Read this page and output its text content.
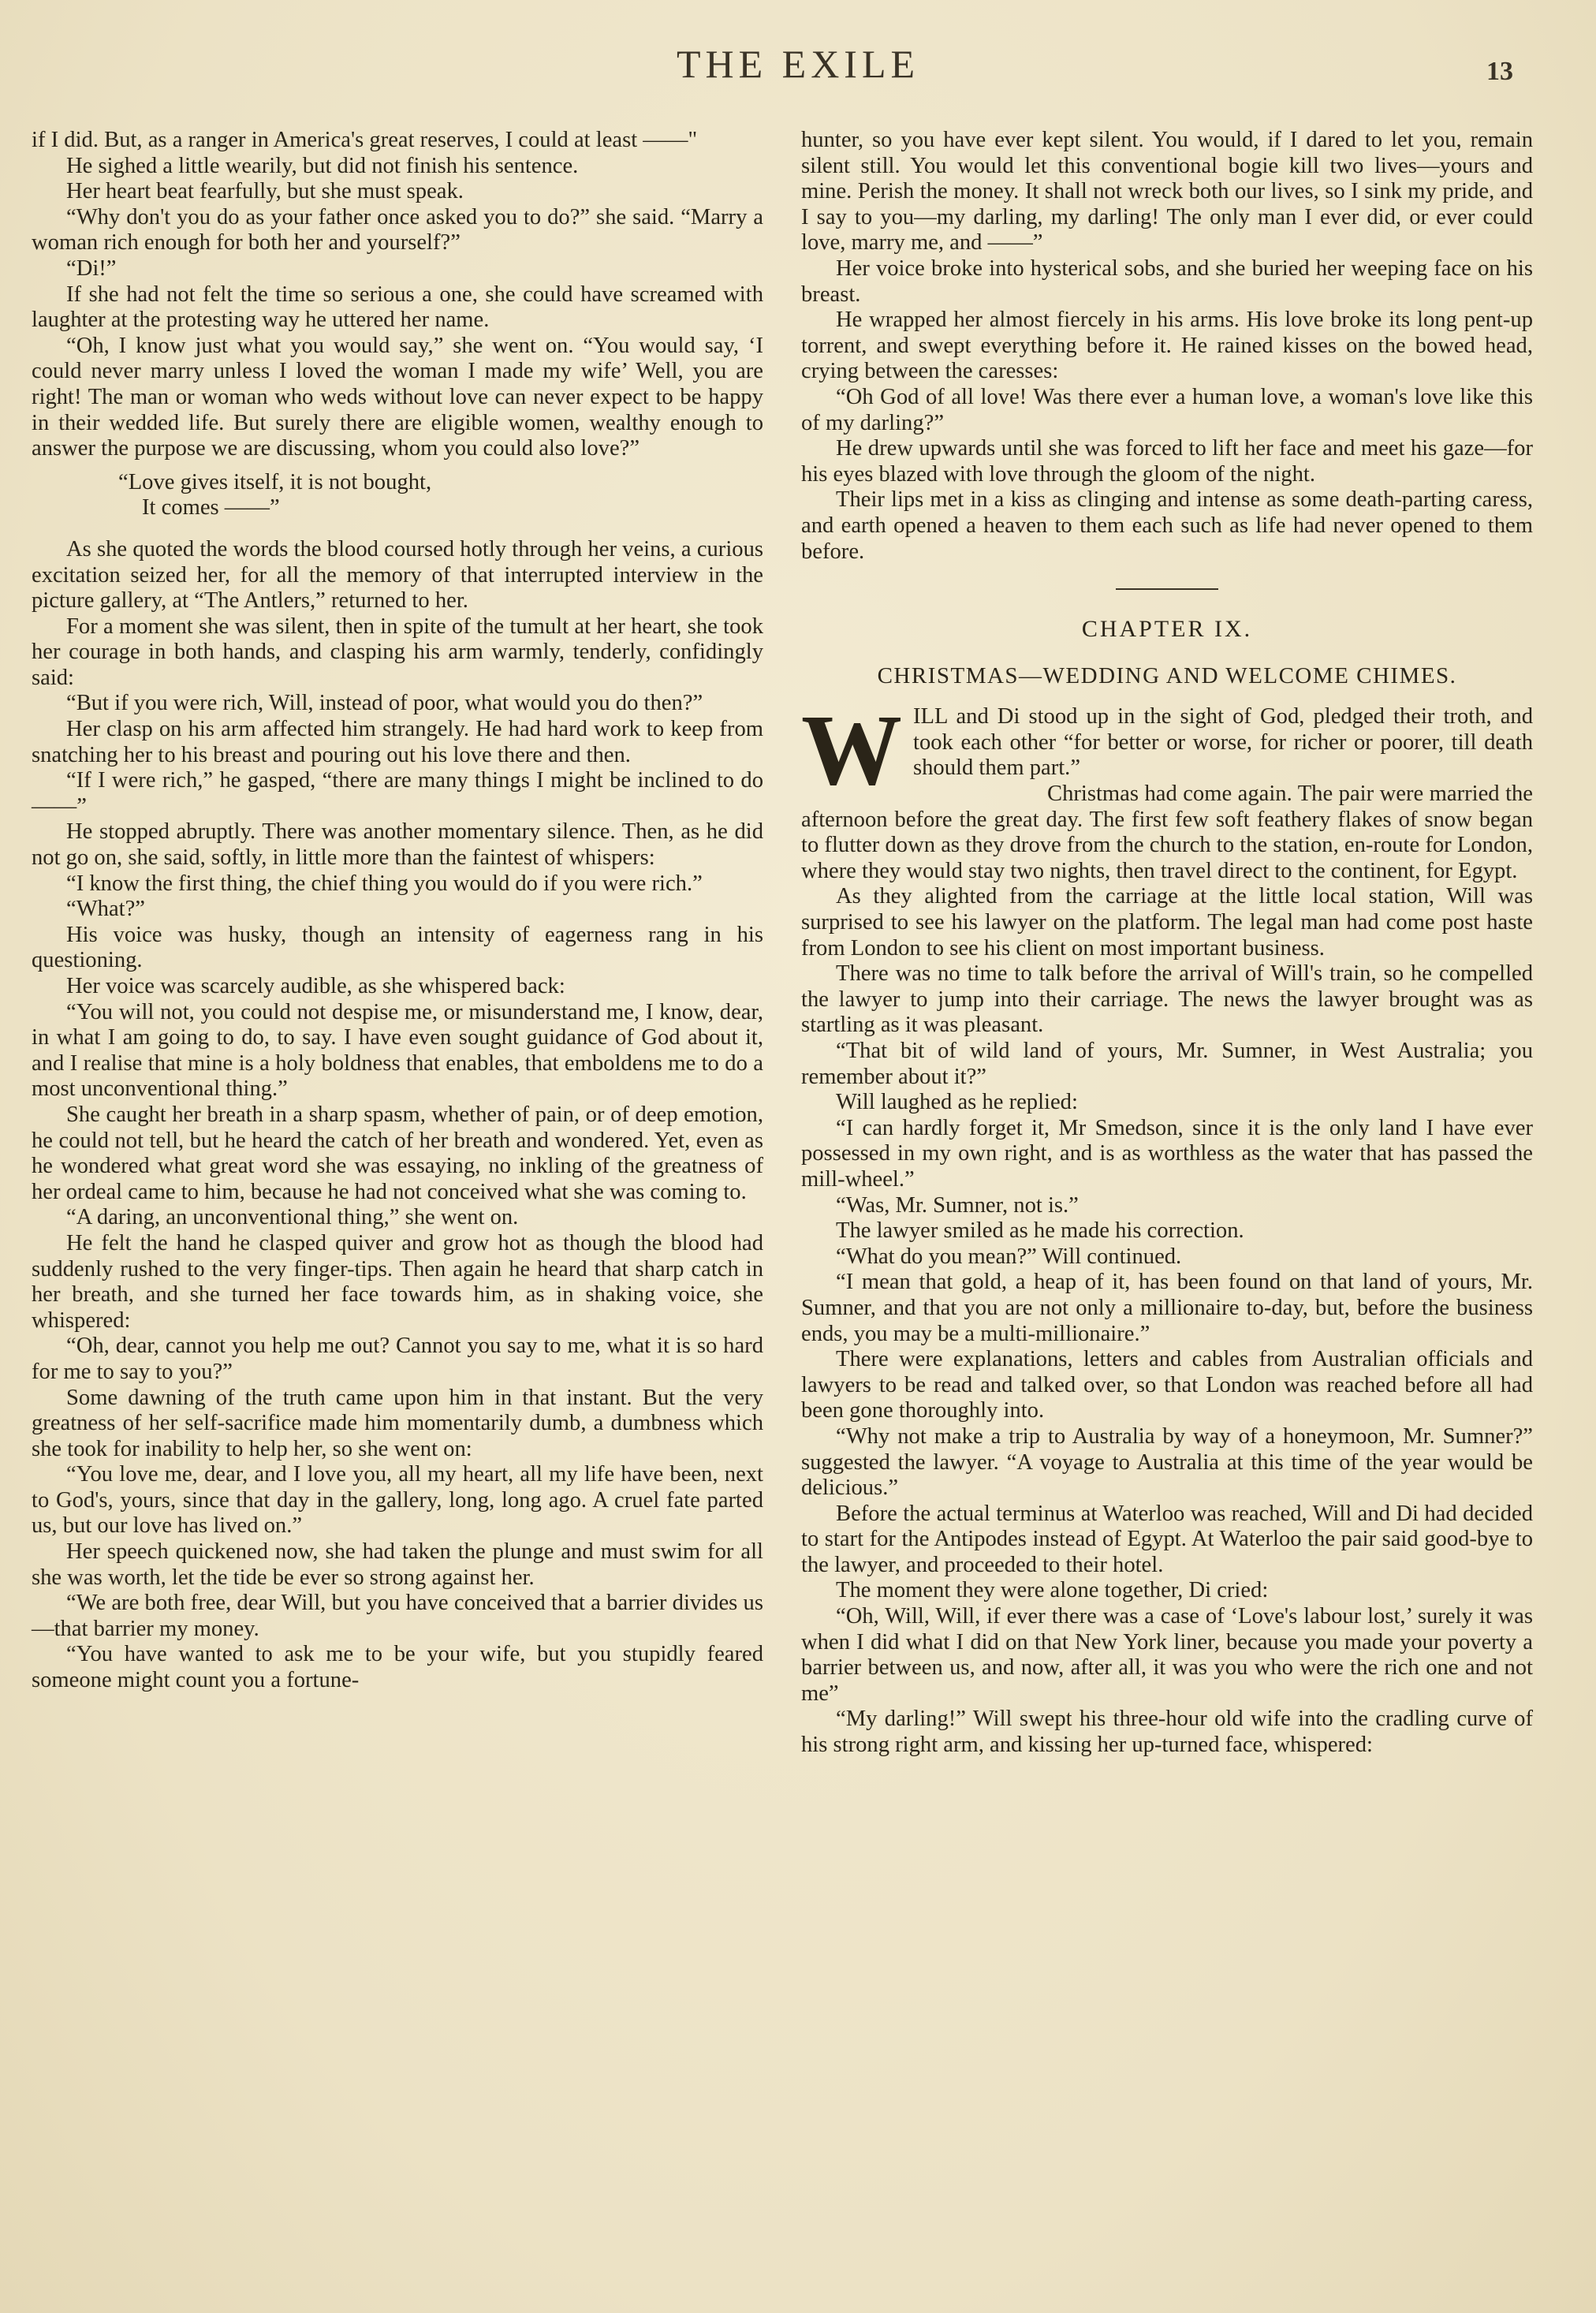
THE EXILE	13

if I did. But, as a ranger in America's great reserves, I could at least ——"

He sighed a little wearily, but did not finish his sentence.

Her heart beat fearfully, but she must speak.

“Why don't you do as your father once asked you to do?” she said. “Marry a woman rich enough for both her and yourself?”

“Di!”

If she had not felt the time so serious a one, she could have screamed with laughter at the protesting way he uttered her name.

“Oh, I know just what you would say,” she went on. “You would say, ‘I could never marry unless I loved the woman I made my wife’ Well, you are right! The man or woman who weds without love can never expect to be happy in their wedded life. But surely there are eligible women, wealthy enough to answer the purpose we are discussing, whom you could also love?”

“Love gives itself, it is not bought,
It comes ——”

As she quoted the words the blood coursed hotly through her veins, a curious excitation seized her, for all the memory of that interrupted interview in the picture gallery, at “The Antlers,” returned to her.

For a moment she was silent, then in spite of the tumult at her heart, she took her courage in both hands, and clasping his arm warmly, tenderly, confidingly said:

“But if you were rich, Will, instead of poor, what would you do then?”

Her clasp on his arm affected him strangely. He had hard work to keep from snatching her to his breast and pouring out his love there and then.

“If I were rich,” he gasped, “there are many things I might be inclined to do ——”

He stopped abruptly. There was another momentary silence. Then, as he did not go on, she said, softly, in little more than the faintest of whispers:

“I know the first thing, the chief thing you would do if you were rich.”

“What?”

His voice was husky, though an intensity of eagerness rang in his questioning.

Her voice was scarcely audible, as she whispered back:

“You will not, you could not despise me, or misunderstand me, I know, dear, in what I am going to do, to say. I have even sought guidance of God about it, and I realise that mine is a holy boldness that enables, that emboldens me to do a most unconventional thing.”

She caught her breath in a sharp spasm, whether of pain, or of deep emotion, he could not tell, but he heard the catch of her breath and wondered. Yet, even as he wondered what great word she was essaying, no inkling of the greatness of her ordeal came to him, because he had not conceived what she was coming to.

“A daring, an unconventional thing,” she went on.

He felt the hand he clasped quiver and grow hot as though the blood had suddenly rushed to the very finger-tips. Then again he heard that sharp catch in her breath, and she turned her face towards him, as in shaking voice, she whispered:

“Oh, dear, cannot you help me out? Cannot you say to me, what it is so hard for me to say to you?”

Some dawning of the truth came upon him in that instant. But the very greatness of her self-sacrifice made him momentarily dumb, a dumbness which she took for inability to help her, so she went on:

“You love me, dear, and I love you, all my heart, all my life have been, next to God's, yours, since that day in the gallery, long, long ago. A cruel fate parted us, but our love has lived on.”

Her speech quickened now, she had taken the plunge and must swim for all she was worth, let the tide be ever so strong against her.

“We are both free, dear Will, but you have conceived that a barrier divides us—that barrier my money.

“You have wanted to ask me to be your wife, but you stupidly feared someone might count you a fortune-

hunter, so you have ever kept silent. You would, if I dared to let you, remain silent still. You would let this conventional bogie kill two lives—yours and mine. Perish the money. It shall not wreck both our lives, so I sink my pride, and I say to you—my darling, my darling! The only man I ever did, or ever could love, marry me, and ——”

Her voice broke into hysterical sobs, and she buried her weeping face on his breast.

He wrapped her almost fiercely in his arms. His love broke its long pent-up torrent, and swept everything before it. He rained kisses on the bowed head, crying between the caresses:

“Oh God of all love! Was there ever a human love, a woman's love like this of my darling?”

He drew upwards until she was forced to lift her face and meet his gaze—for his eyes blazed with love through the gloom of the night.

Their lips met in a kiss as clinging and intense as some death-parting caress, and earth opened a heaven to them each such as life had never opened to them before.

CHAPTER IX.
CHRISTMAS—WEDDING AND WELCOME CHIMES.
W ILL and Di stood up in the sight of God, pledged their troth, and took each other “for better or worse, for richer or poorer, till death should them part.”

Christmas had come again. The pair were married the afternoon before the great day. The first few soft feathery flakes of snow began to flutter down as they drove from the church to the station, en-route for London, where they would stay two nights, then travel direct to the continent, for Egypt.

As they alighted from the carriage at the little local station, Will was surprised to see his lawyer on the platform. The legal man had come post haste from London to see his client on most important business.

There was no time to talk before the arrival of Will's train, so he compelled the lawyer to jump into their carriage. The news the lawyer brought was as startling as it was pleasant.

“That bit of wild land of yours, Mr. Sumner, in West Australia; you remember about it?”

Will laughed as he replied:

“I can hardly forget it, Mr Smedson, since it is the only land I have ever possessed in my own right, and is as worthless as the water that has passed the mill-wheel.”

“Was, Mr. Sumner, not is.”

The lawyer smiled as he made his correction.

“What do you mean?” Will continued.

“I mean that gold, a heap of it, has been found on that land of yours, Mr. Sumner, and that you are not only a millionaire to-day, but, before the business ends, you may be a multi-millionaire.”

There were explanations, letters and cables from Australian officials and lawyers to be read and talked over, so that London was reached before all had been gone thoroughly into.

“Why not make a trip to Australia by way of a honeymoon, Mr. Sumner?” suggested the lawyer. “A voyage to Australia at this time of the year would be delicious.”

Before the actual terminus at Waterloo was reached, Will and Di had decided to start for the Antipodes instead of Egypt. At Waterloo the pair said good-bye to the lawyer, and proceeded to their hotel.

The moment they were alone together, Di cried:

“Oh, Will, Will, if ever there was a case of ‘Love's labour lost,’ surely it was when I did what I did on that New York liner, because you made your poverty a barrier between us, and now, after all, it was you who were the rich one and not me”

“My darling!” Will swept his three-hour old wife into the cradling curve of his strong right arm, and kissing her up-turned face, whispered:
